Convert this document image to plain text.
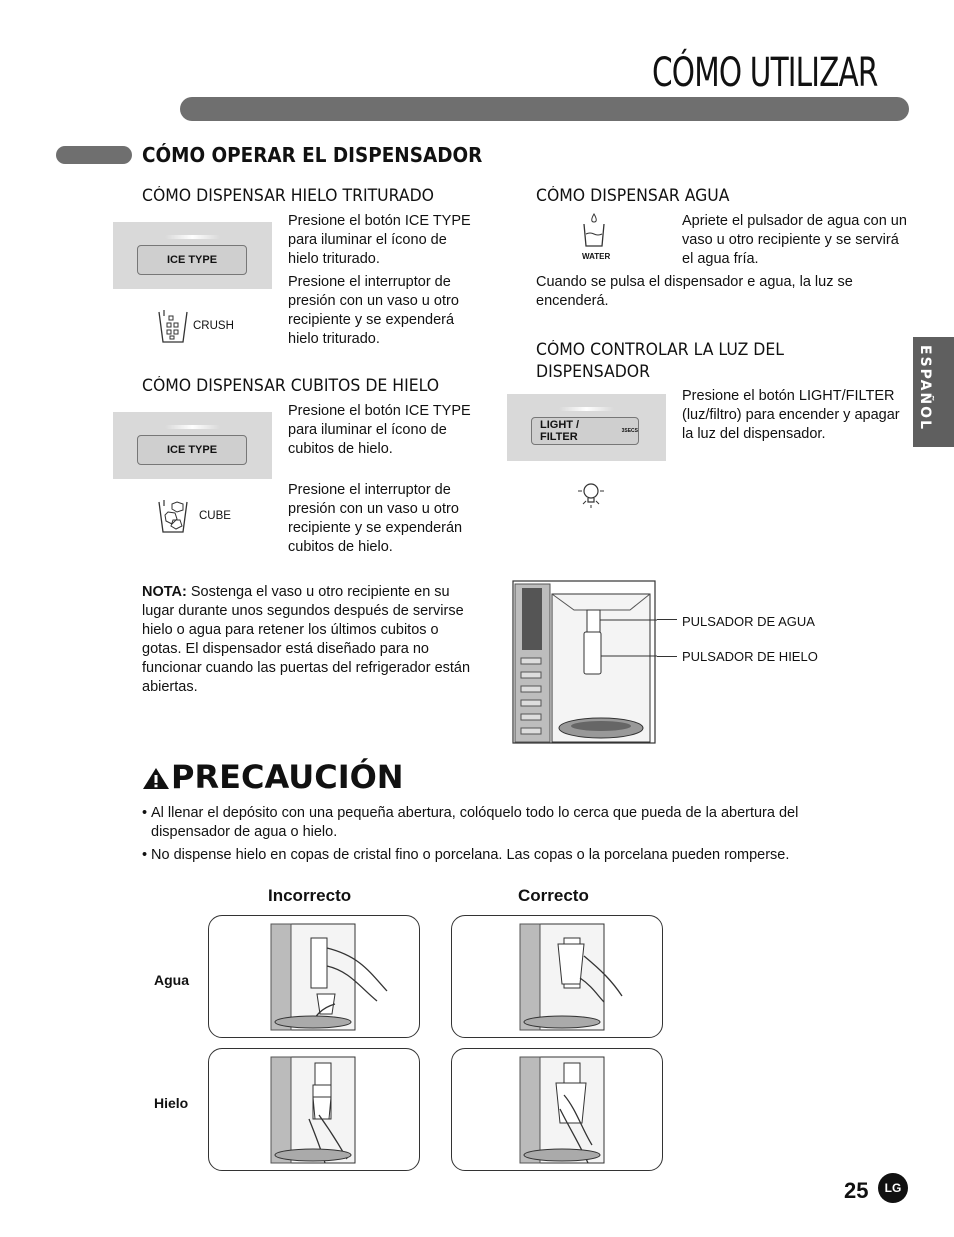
CÓMO UTILIZAR
ESPAÑOL
CÓMO OPERAR EL DISPENSADOR
CÓMO DISPENSAR HIELO TRITURADO
ICE TYPE
CRUSH
Presione el botón ICE TYPE para iluminar el ícono de hielo triturado.
Presione el interruptor de presión con un vaso u otro recipiente y se expenderá hielo triturado.
CÓMO DISPENSAR CUBITOS DE HIELO
ICE TYPE
CUBE
Presione el botón ICE TYPE para iluminar el ícono de cubitos de hielo.
Presione el interruptor de presión con un vaso u otro recipiente y se expenderán cubitos de hielo.
CÓMO DISPENSAR AGUA
WATER
Apriete el pulsador de agua con un vaso u otro recipiente y se servirá el agua fría.
Cuando se pulsa el dispensador e agua, la luz se encenderá.
CÓMO CONTROLAR LA LUZ DEL DISPENSADOR
LIGHT / FILTER	3SECS
Presione el botón LIGHT/FILTER (luz/filtro) para encender y apagar la luz del dispensador.
NOTA: Sostenga el vaso u otro recipiente en su lugar durante unos segundos después de servirse hielo o agua para retener los últimos cubitos o gotas. El dispensador está diseñado para no funcionar cuando las puertas del refrigerador están abiertas.
PULSADOR DE AGUA
PULSADOR DE HIELO
PRECAUCIÓN
• Al llenar el depósito con una pequeña abertura, colóquelo todo lo cerca que pueda de la abertura del dispensador de agua o hielo.
• No dispense hielo en copas de cristal fino o porcelana. Las copas o la porcelana pueden romperse.
Incorrecto	Correcto
Agua
Hielo
25	LG
